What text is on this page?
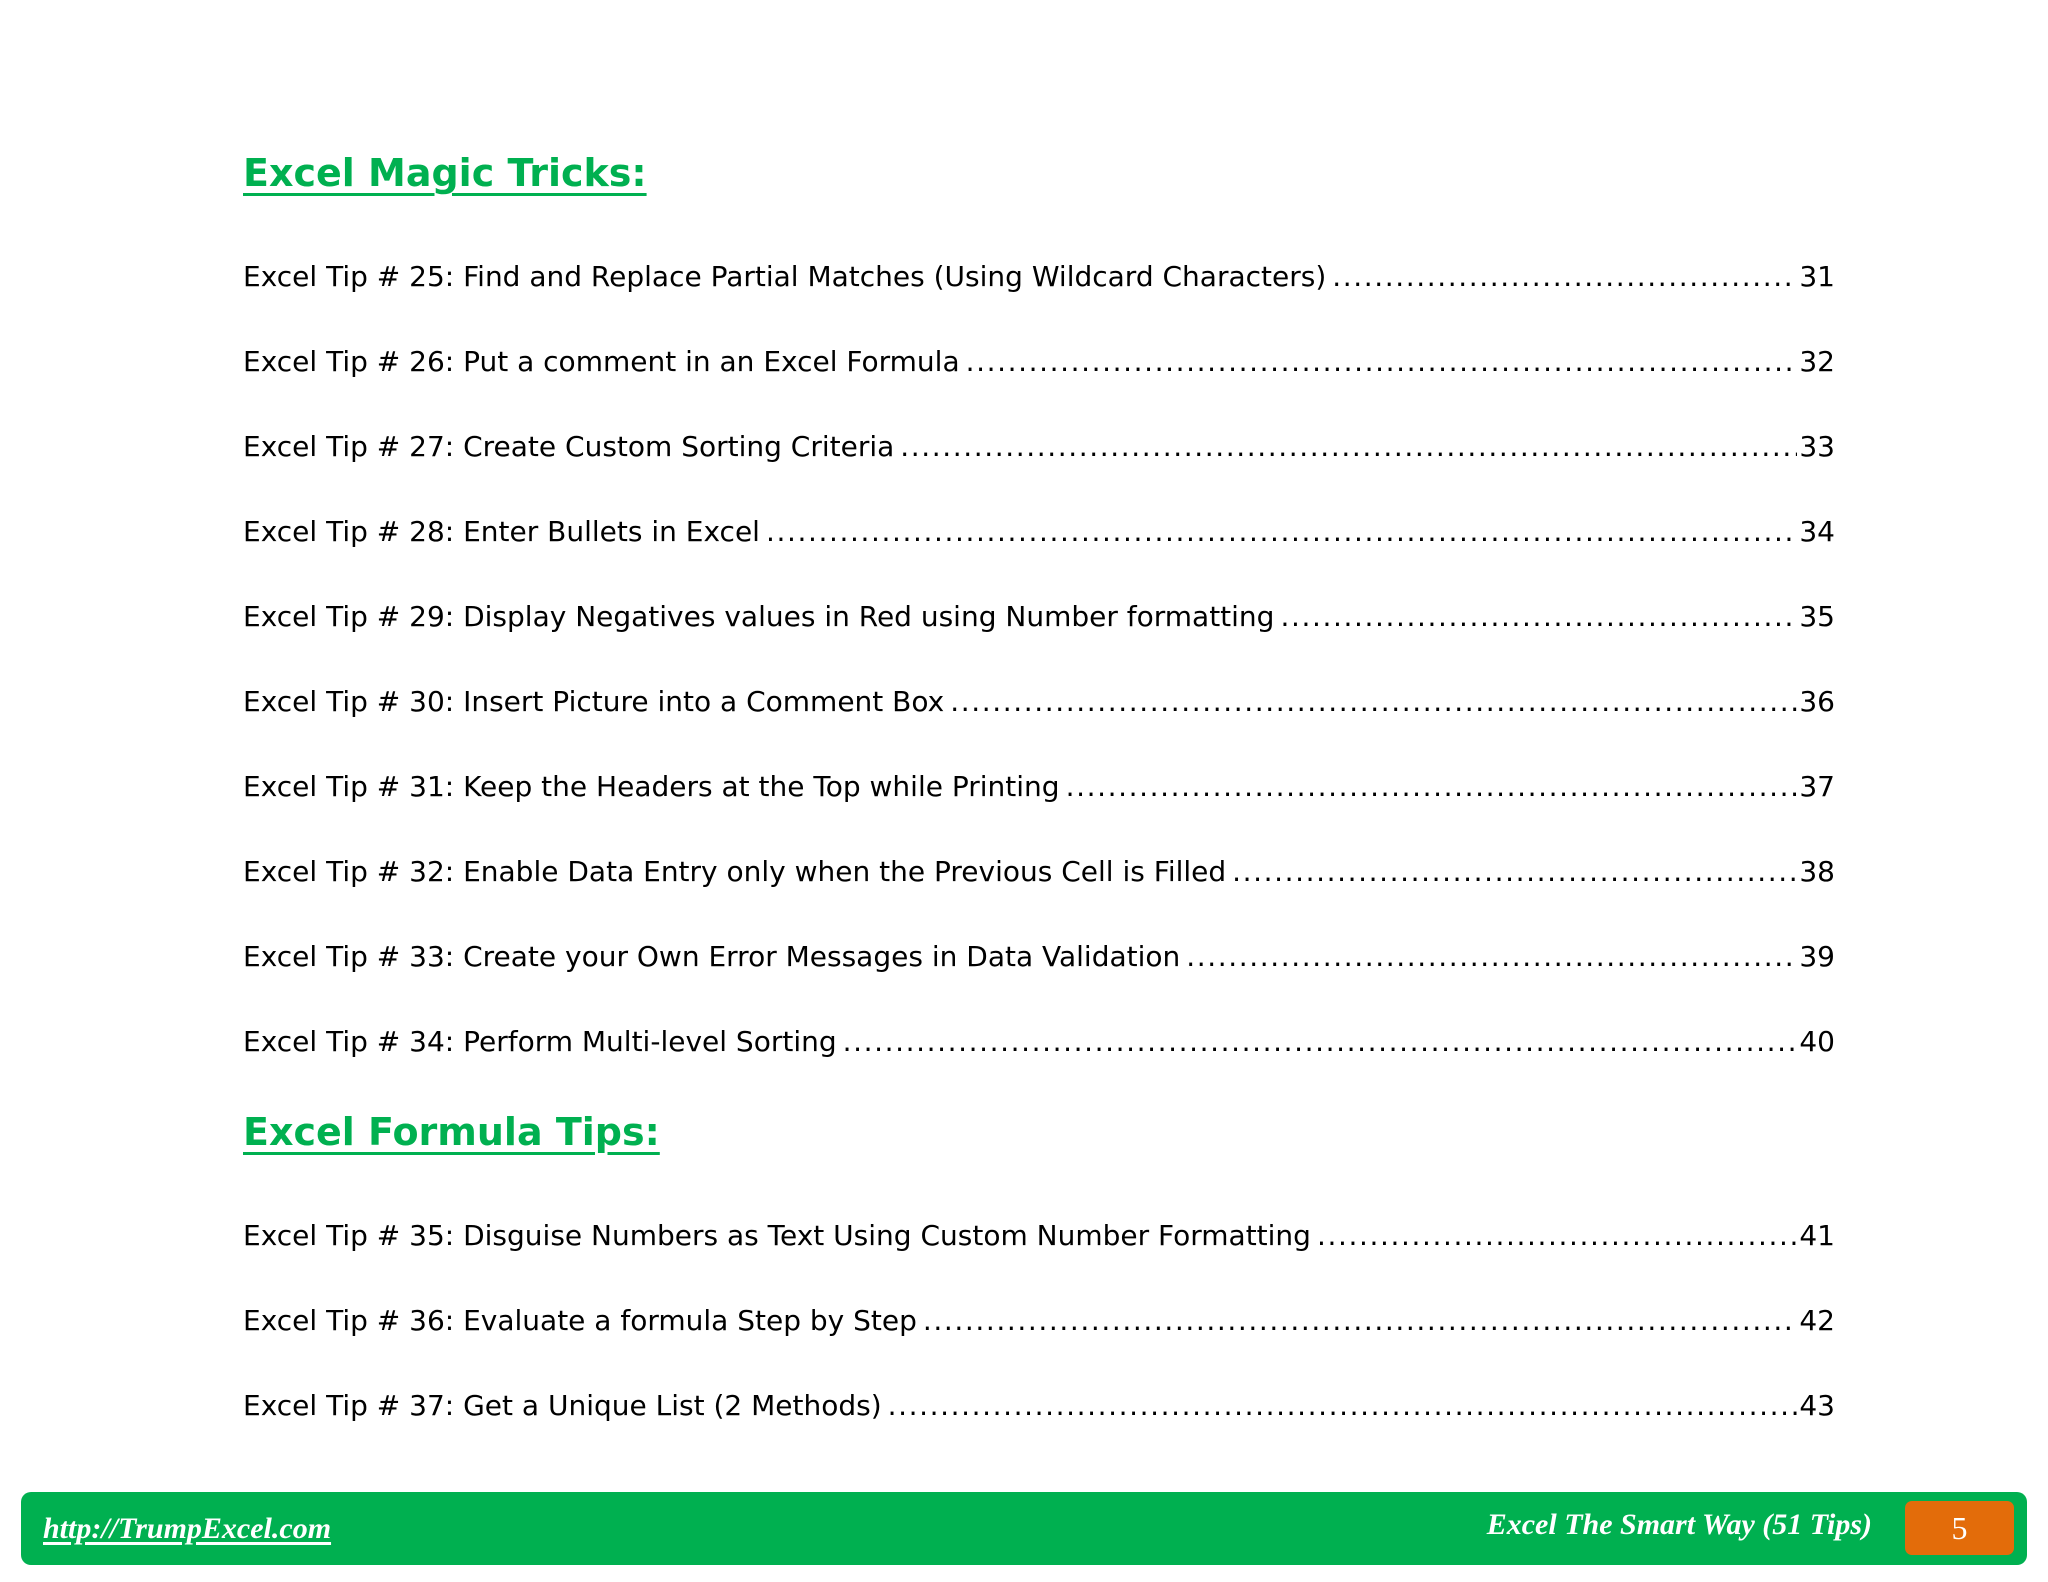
Excel Magic Tricks:
Excel Tip # 25: Find and Replace Partial Matches (Using Wildcard Characters) .....	31
Excel Tip # 26: Put a comment in an Excel Formula .....	32
Excel Tip # 27: Create Custom Sorting Criteria .....	33
Excel Tip # 28: Enter Bullets in Excel .....	34
Excel Tip # 29: Display Negatives values in Red using Number formatting .....	35
Excel Tip # 30: Insert Picture into a Comment Box .....	36
Excel Tip # 31: Keep the Headers at the Top while Printing .....	37
Excel Tip # 32: Enable Data Entry only when the Previous Cell is Filled .....	38
Excel Tip # 33: Create your Own Error Messages in Data Validation .....	39
Excel Tip # 34: Perform Multi-level Sorting .....	40
Excel Formula Tips:
Excel Tip # 35: Disguise Numbers as Text Using Custom Number Formatting .....	41
Excel Tip # 36: Evaluate a formula Step by Step .....	42
Excel Tip # 37: Get a Unique List (2 Methods) .....	43
http://TrumpExcel.com	Excel The Smart Way (51 Tips) 5
